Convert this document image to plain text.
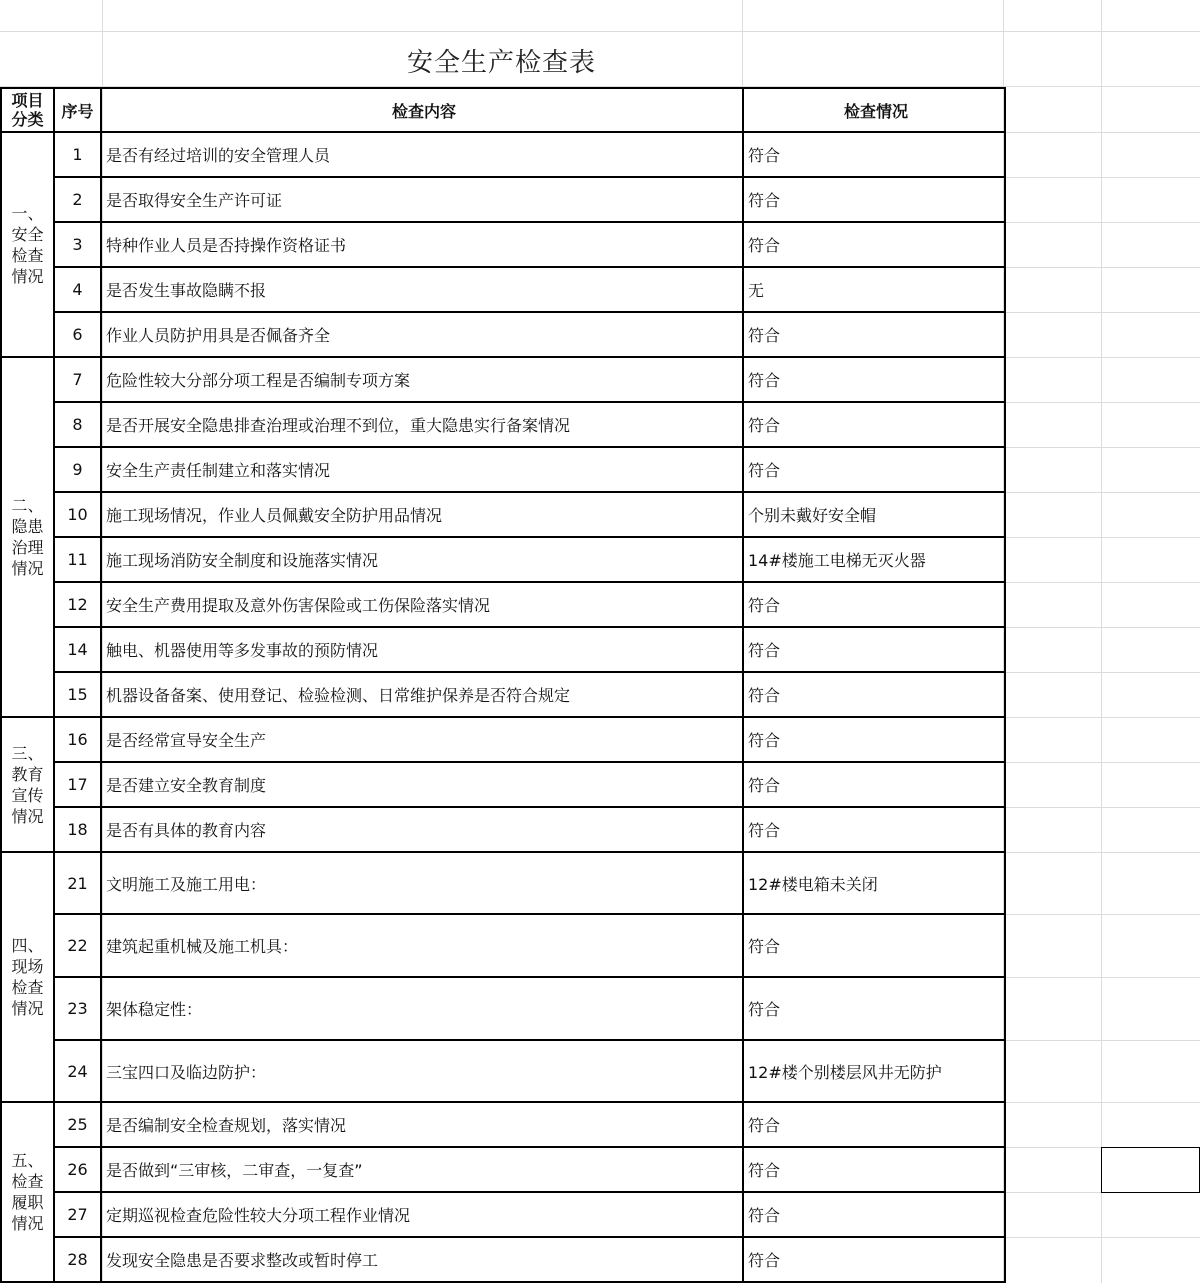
安全生产检查表
项目分类	序号	检查内容	检查情况
一、安全检查情况	1	是否有经过培训的安全管理人员	符合
	2	是否取得安全生产许可证	符合
	3	特种作业人员是否持操作资格证书	符合
	4	是否发生事故隐瞒不报	无
	6	作业人员防护用具是否佩备齐全	符合
二、隐患治理情况	7	危险性较大分部分项工程是否编制专项方案	符合
	8	是否开展安全隐患排查治理或治理不到位，重大隐患实行备案情况	符合
	9	安全生产责任制建立和落实情况	符合
	10	施工现场情况，作业人员佩戴安全防护用品情况	个别未戴好安全帽
	11	施工现场消防安全制度和设施落实情况	14#楼施工电梯无灭火器
	12	安全生产费用提取及意外伤害保险或工伤保险落实情况	符合
	14	触电、机器使用等多发事故的预防情况	符合
	15	机器设备备案、使用登记、检验检测、日常维护保养是否符合规定	符合
三、教育宣传情况	16	是否经常宣导安全生产	符合
	17	是否建立安全教育制度	符合
	18	是否有具体的教育内容	符合
四、现场检查情况	21	文明施工及施工用电：	12#楼电箱未关闭
	22	建筑起重机械及施工机具：	符合
	23	架体稳定性：	符合
	24	三宝四口及临边防护：	12#楼个别楼层风井无防护
五、检查履职情况	25	是否编制安全检查规划，落实情况	符合
	26	是否做到“三审核，二审查，一复查”	符合
	27	定期巡视检查危险性较大分项工程作业情况	符合
	28	发现安全隐患是否要求整改或暂时停工	符合
